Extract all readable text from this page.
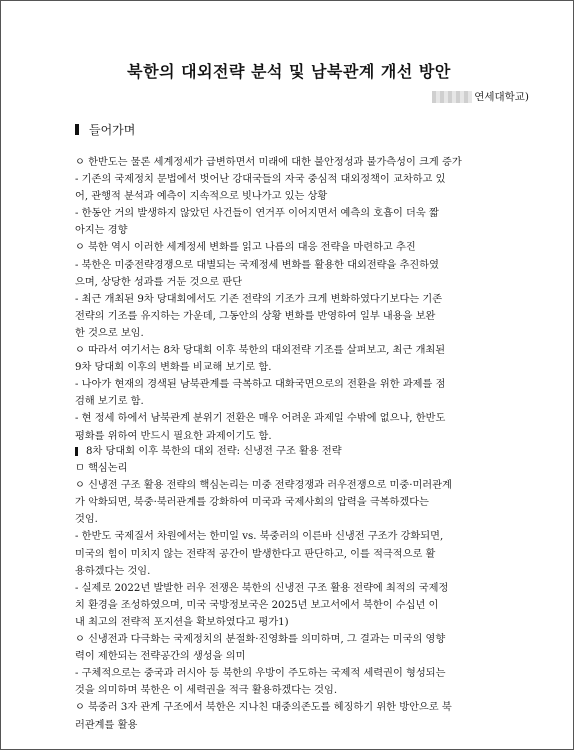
북한의 대외전략 분석 및 남북관계 개선 방안
연세대학교)
들어가며
ㅇ 한반도는 물론 세계정세가 급변하면서 미래에 대한 불안정성과 불가측성이 크게 증가
- 기존의 국제정치 문법에서 벗어난 강대국들의 자국 중심적 대외정책이 교차하고 있
어, 관행적 분석과 예측이 지속적으로 빗나가고 있는 상황
- 한동안 거의 발생하지 않았던 사건들이 연거푸 이어지면서 예측의 호흡이 더욱 짧
아지는 경향
ㅇ 북한 역시 이러한 세계정세 변화를 읽고 나름의 대응 전략을 마련하고 추진
- 북한은 미중전략경쟁으로 대별되는 국제정세 변화를 활용한 대외전략을 추진하였
으며, 상당한 성과를 거둔 것으로 판단
- 최근 개최된 9차 당대회에서도 기존 전략의 기조가 크게 변화하였다기보다는 기존
전략의 기조를 유지하는 가운데, 그동안의 상황 변화를 반영하여 일부 내용을 보완
한 것으로 보임.
ㅇ 따라서 여기서는 8차 당대회 이후 북한의 대외전략 기조를 살펴보고, 최근 개최된
9차 당대회 이후의 변화를 비교해 보기로 함.
- 나아가 현재의 경색된 남북관계를 극복하고 대화국면으로의 전환을 위한 과제를 점
검해 보기로 함.
- 현 정세 하에서 남북관계 분위기 전환은 매우 어려운 과제일 수밖에 없으나, 한반도
평화를 위하여 반드시 필요한 과제이기도 함.
8차 당대회 이후 북한의 대외 전략: 신냉전 구조 활용 전략
ㅁ 핵심논리
ㅇ 신냉전 구조 활용 전략의 핵심논리는 미중 전략경쟁과 러우전쟁으로 미중·미러관계
가 악화되면, 북중·북러관계를 강화하여 미국과 국제사회의 압력을 극복하겠다는
것임.
- 한반도 국제질서 차원에서는 한미일 vs. 북중러의 이른바 신냉전 구조가 강화되면,
미국의 힘이 미치지 않는 전략적 공간이 발생한다고 판단하고, 이를 적극적으로 활
용하겠다는 것임.
- 실제로 2022년 발발한 러우 전쟁은 북한의 신냉전 구조 활용 전략에 최적의 국제정
치 환경을 조성하였으며, 미국 국방정보국은 2025년 보고서에서 북한이 수십년 이
내 최고의 전략적 포지션을 확보하였다고 평가1)
ㅇ 신냉전과 다극화는 국제정치의 분절화·진영화를 의미하며, 그 결과는 미국의 영향
력이 제한되는 전략공간의 생성을 의미
- 구체적으로는 중국과 러시아 등 북한의 우방이 주도하는 국제적 세력권이 형성되는
것을 의미하며 북한은 이 세력권을 적극 활용하겠다는 것임.
ㅇ 북중러 3자 관계 구조에서 북한은 지나친 대중의존도를 헤징하기 위한 방안으로 북
러관계를 활용
